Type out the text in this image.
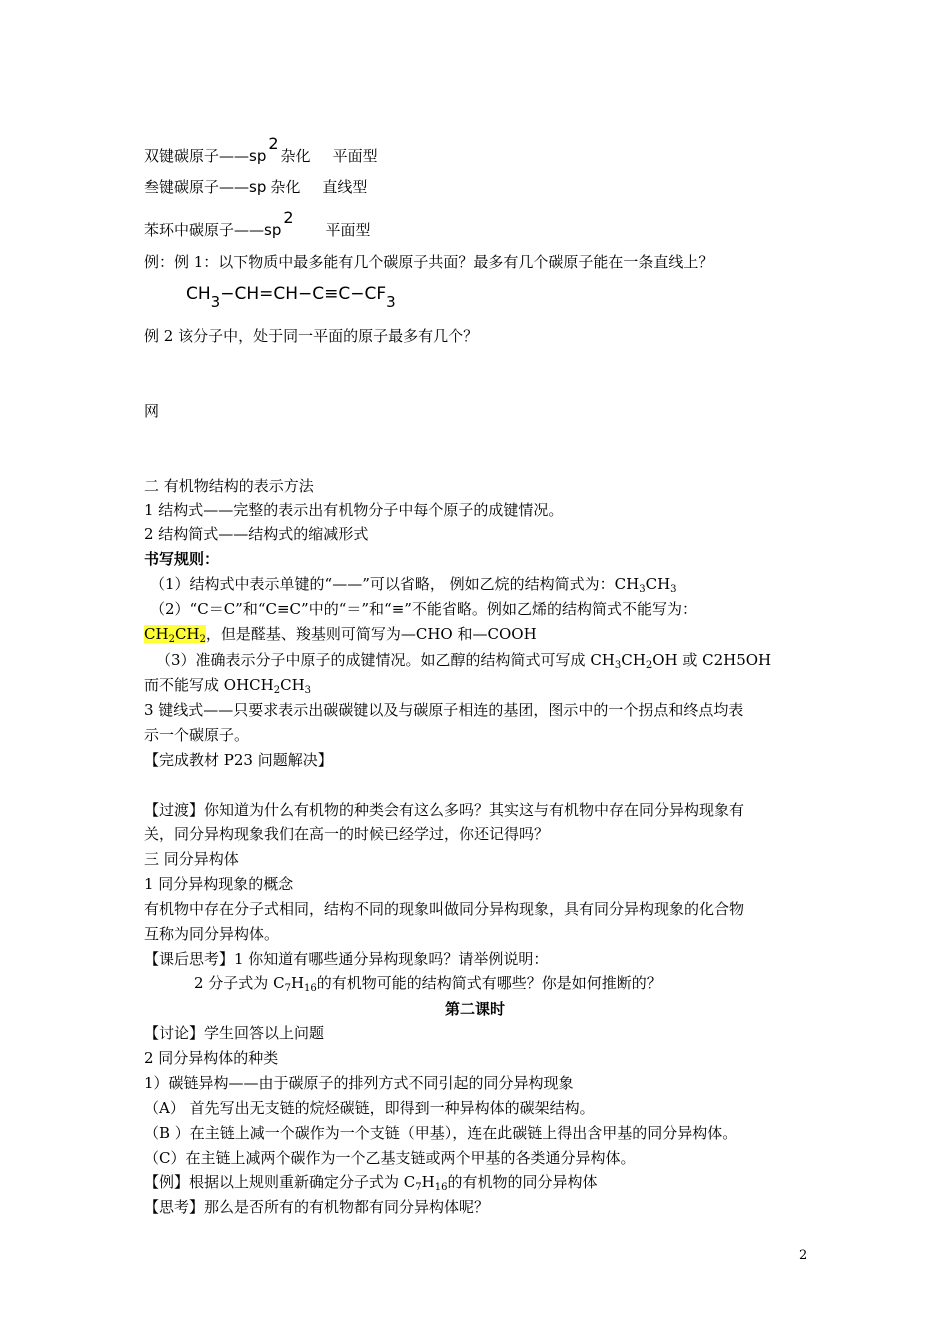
双键碳原子——sp2杂化 平面型
叁键碳原子——sp 杂化 直线型
苯环中碳原子——sp2平面型
例：例 1：以下物质中最多能有几个碳原子共面？最多有几个碳原子能在一条直线上？
CH3−CH=CH−C≡C−CF3
例 2 该分子中，处于同一平面的原子最多有几个？
网
二 有机物结构的表示方法
1 结构式——完整的表示出有机物分子中每个原子的成键情况。
2 结构简式——结构式的缩减形式
书写规则：
（1）结构式中表示单键的“——”可以省略， 例如乙烷的结构简式为：$CH_3CH_3$
（2）“C＝C”和“C≡C”中的“＝”和“≡”不能省略。例如乙烯的结构简式不能写为：
$CH_2CH_2$，但是醛基、羧基则可简写为—CHO 和—COOH
（3）准确表示分子中原子的成键情况。如乙醇的结构简式可写成 $CH_3CH_2OH$ 或 C2H5OH
而不能写成 $OHCH_2CH_3$
3 键线式——只要求表示出碳碳键以及与碳原子相连的基团，图示中的一个拐点和终点均表
示一个碳原子。
【完成教材 P23 问题解决】
【过渡】你知道为什么有机物的种类会有这么多吗？其实这与有机物中存在同分异构现象有
关，同分异构现象我们在高一的时候已经学过，你还记得吗？
三 同分异构体
1 同分异构现象的概念
有机物中存在分子式相同，结构不同的现象叫做同分异构现象，具有同分异构现象的化合物
互称为同分异构体。
【课后思考】1 你知道有哪些通分异构现象吗？请举例说明：
2 分子式为 $C_7H_{16}$的有机物可能的结构简式有哪些？你是如何推断的？
第二课时
【讨论】学生回答以上问题
2 同分异构体的种类
1）碳链异构——由于碳原子的排列方式不同引起的同分异构现象
（A） 首先写出无支链的烷烃碳链，即得到一种异构体的碳架结构。
（B ）在主链上减一个碳作为一个支链（甲基），连在此碳链上得出含甲基的同分异构体。
（C）在主链上减两个碳作为一个乙基支链或两个甲基的各类通分异构体。
【例】根据以上规则重新确定分子式为 $C_7H_{16}$的有机物的同分异构体
【思考】那么是否所有的有机物都有同分异构体呢？
2
